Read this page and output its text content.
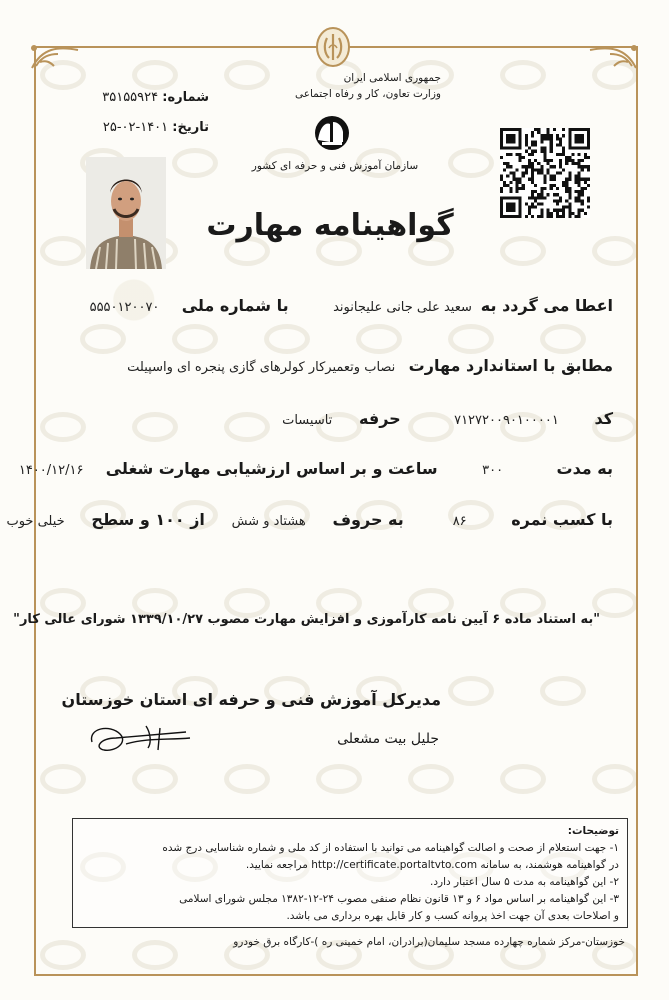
جمهوری اسلامی ایران
وزارت تعاون، کار و رفاه اجتماعی
سازمان آموزش فنی و حرفه ای کشور
شماره: ۳۵۱۵۵۹۲۴
تاریخ: ۱۴۰۱-۰۲-۲۵
گواهینامه مهارت
اعطا می گردد به  سعید علی جانی علیجانوند          با شماره ملی     ۵۵۵۰۱۲۰۰۷۰
مطابق با استاندارد مهارت   نصاب وتعمیرکار کولرهای گازی پنجره ای واسپیلت
کد        ۷۱۲۷۲۰۰۹۰۱۰۰۰۰۱            حرفه      تاسیسات
به مدت            ۳۰۰          ساعت و بر اساس ارزشیابی مهارت شغلی     ۱۴۰۰/۱۲/۱۶
با کسب نمره          ۸۶           به حروف      هشتاد و شش      از ۱۰۰ و سطح      خیلی خوب
"به استناد ماده ۶ آیین نامه کارآموزی و افزایش مهارت مصوب ۱۳۳۹/۱۰/۲۷ شورای عالی کار"
مدیرکل آموزش فنی و حرفه ای استان خوزستان
جلیل بیت مشعلی
توضیحات:
۱- جهت استعلام از صحت و اصالت گواهینامه می توانید با استفاده از کد ملی و شماره شناسایی درج شده
در گواهینامه هوشمند، به سامانه http://certificate.portaltvto.com مراجعه نمایید.
۲- این گواهینامه به مدت ۵ سال اعتبار دارد.
۳- این گواهینامه بر اساس مواد ۶ و ۱۳ قانون نظام صنفی مصوب ۲۴-۱۲-۱۳۸۲ مجلس شورای اسلامی
و اصلاحات بعدی آن جهت اخذ پروانه کسب و کار قابل بهره برداری می باشد.
خوزستان-مرکز شماره چهارده مسجد سلیمان(برادران، امام خمینی ره )-کارگاه برق خودرو
